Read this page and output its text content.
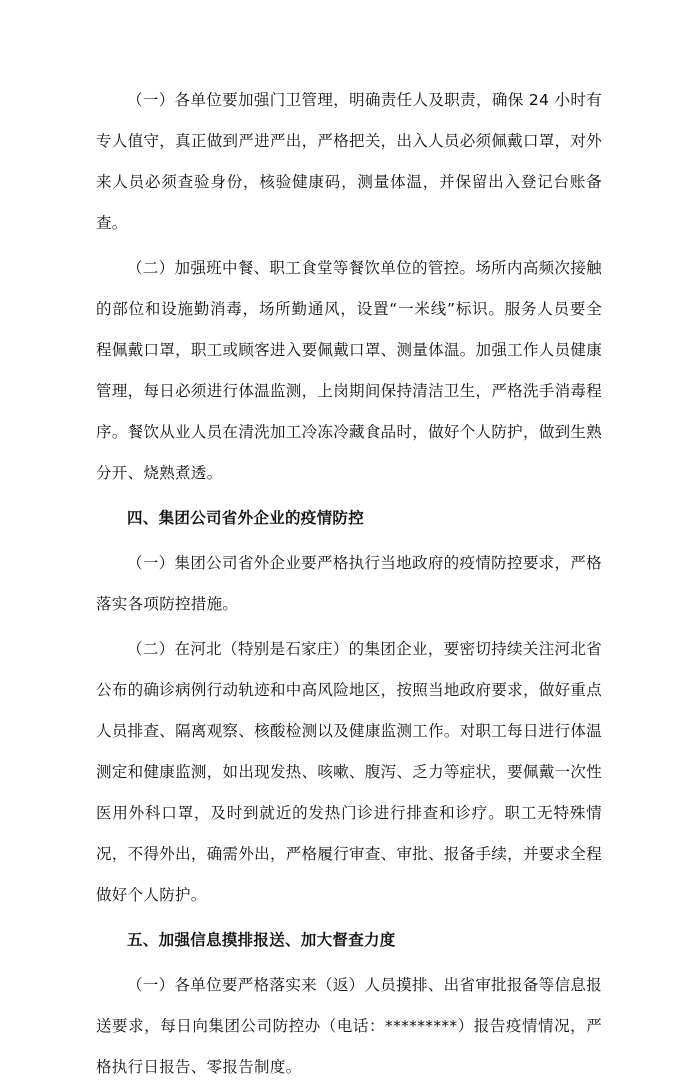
（一）各单位要加强门卫管理，明确责任人及职责，确保 24 小时有专人值守，真正做到严进严出，严格把关，出入人员必须佩戴口罩，对外来人员必须查验身份，核验健康码，测量体温，并保留出入登记台账备查。

（二）加强班中餐、职工食堂等餐饮单位的管控。场所内高频次接触的部位和设施勤消毒，场所勤通风，设置“一米线”标识。服务人员要全程佩戴口罩，职工或顾客进入要佩戴口罩、测量体温。加强工作人员健康管理，每日必须进行体温监测，上岗期间保持清洁卫生，严格洗手消毒程序。餐饮从业人员在清洗加工冷冻冷藏食品时，做好个人防护，做到生熟分开、烧熟煮透。

四、集团公司省外企业的疫情防控

（一）集团公司省外企业要严格执行当地政府的疫情防控要求，严格落实各项防控措施。

（二）在河北（特别是石家庄）的集团企业，要密切持续关注河北省公布的确诊病例行动轨迹和中高风险地区，按照当地政府要求，做好重点人员排查、隔离观察、核酸检测以及健康监测工作。对职工每日进行体温测定和健康监测，如出现发热、咳嗽、腹泻、乏力等症状，要佩戴一次性医用外科口罩，及时到就近的发热门诊进行排查和诊疗。职工无特殊情况，不得外出，确需外出，严格履行审查、审批、报备手续，并要求全程做好个人防护。

五、加强信息摸排报送、加大督查力度

（一）各单位要严格落实来（返）人员摸排、出省审批报备等信息报送要求，每日向集团公司防控办（电话：*********）报告疫情情况，严格执行日报告、零报告制度。
